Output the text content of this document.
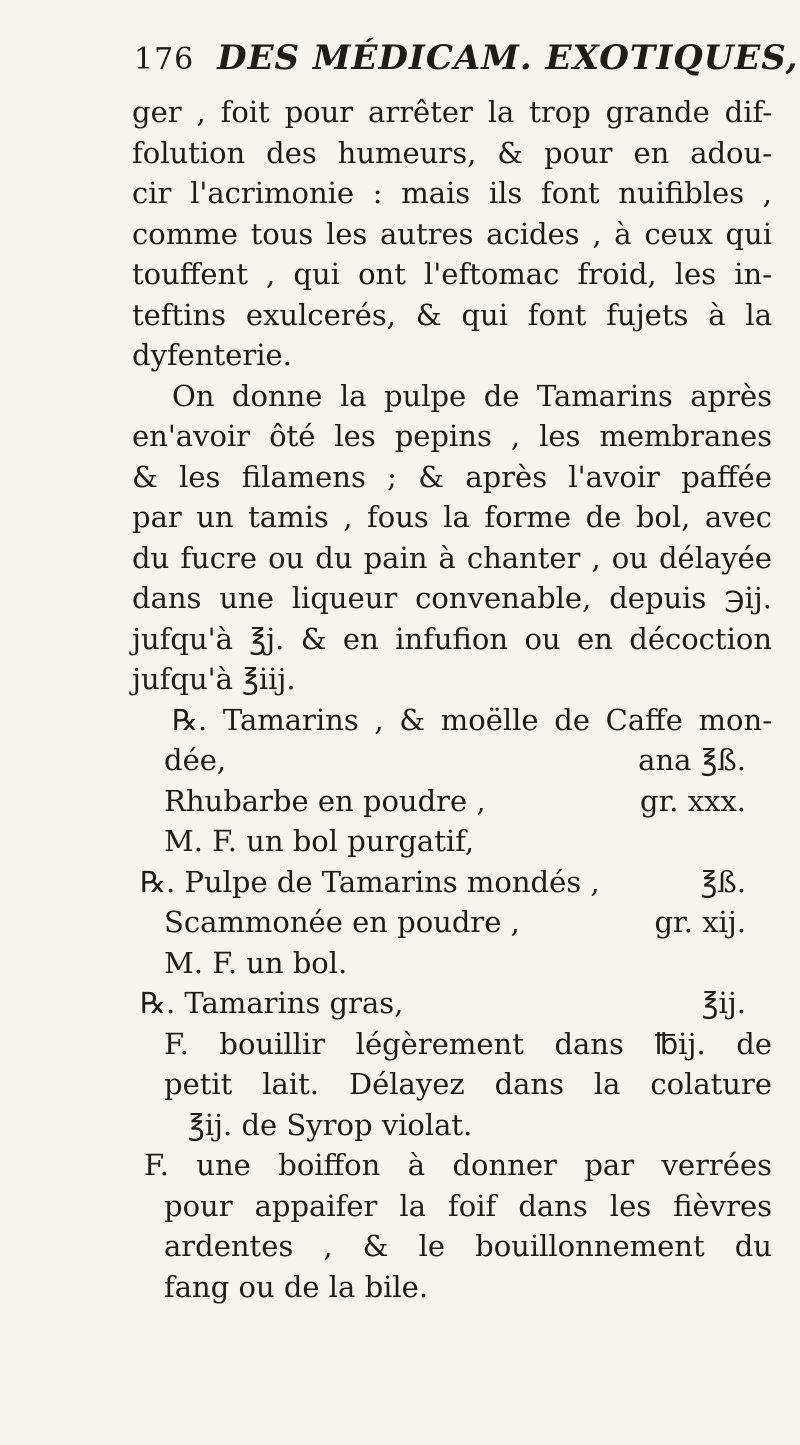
176 DES MÉDICAM. EXOTIQUES,
ger , foit pour arrêter la trop grande dif-
folution des humeurs, & pour en adou-
cir l'acrimonie : mais ils font nuifibles ,
comme tous les autres acides , à ceux qui
touffent , qui ont l'eftomac froid, les in-
teftins exulcerés, & qui font fujets à la
dyfenterie.
On donne la pulpe de Tamarins après
en'avoir ôté les pepins , les membranes
& les filamens ; & après l'avoir paffée
par un tamis , fous la forme de bol, avec
du fucre ou du pain à chanter , ou délayée
dans une liqueur convenable, depuis ℈ij.
jufqu'à ℥j. & en infufion ou en décoction
jufqu'à ℥iij.
℞. Tamarins , & moëlle de Caffe mon-
dée,	ana ℥ß.
Rhubarbe en poudre ,	gr. xxx.
M. F. un bol purgatif,
℞. Pulpe de Tamarins mondés ,	℥ß.
Scammonée en poudre ,	gr. xij.
M. F. un bol.
℞. Tamarins gras,	℥ij.
F. bouillir légèrement dans ℔ij. de
petit lait. Délayez dans la colature
℥ij. de Syrop violat.
F. une boiffon à donner par verrées
pour appaifer la foif dans les fièvres
ardentes , & le bouillonnement du
fang ou de la bile.
